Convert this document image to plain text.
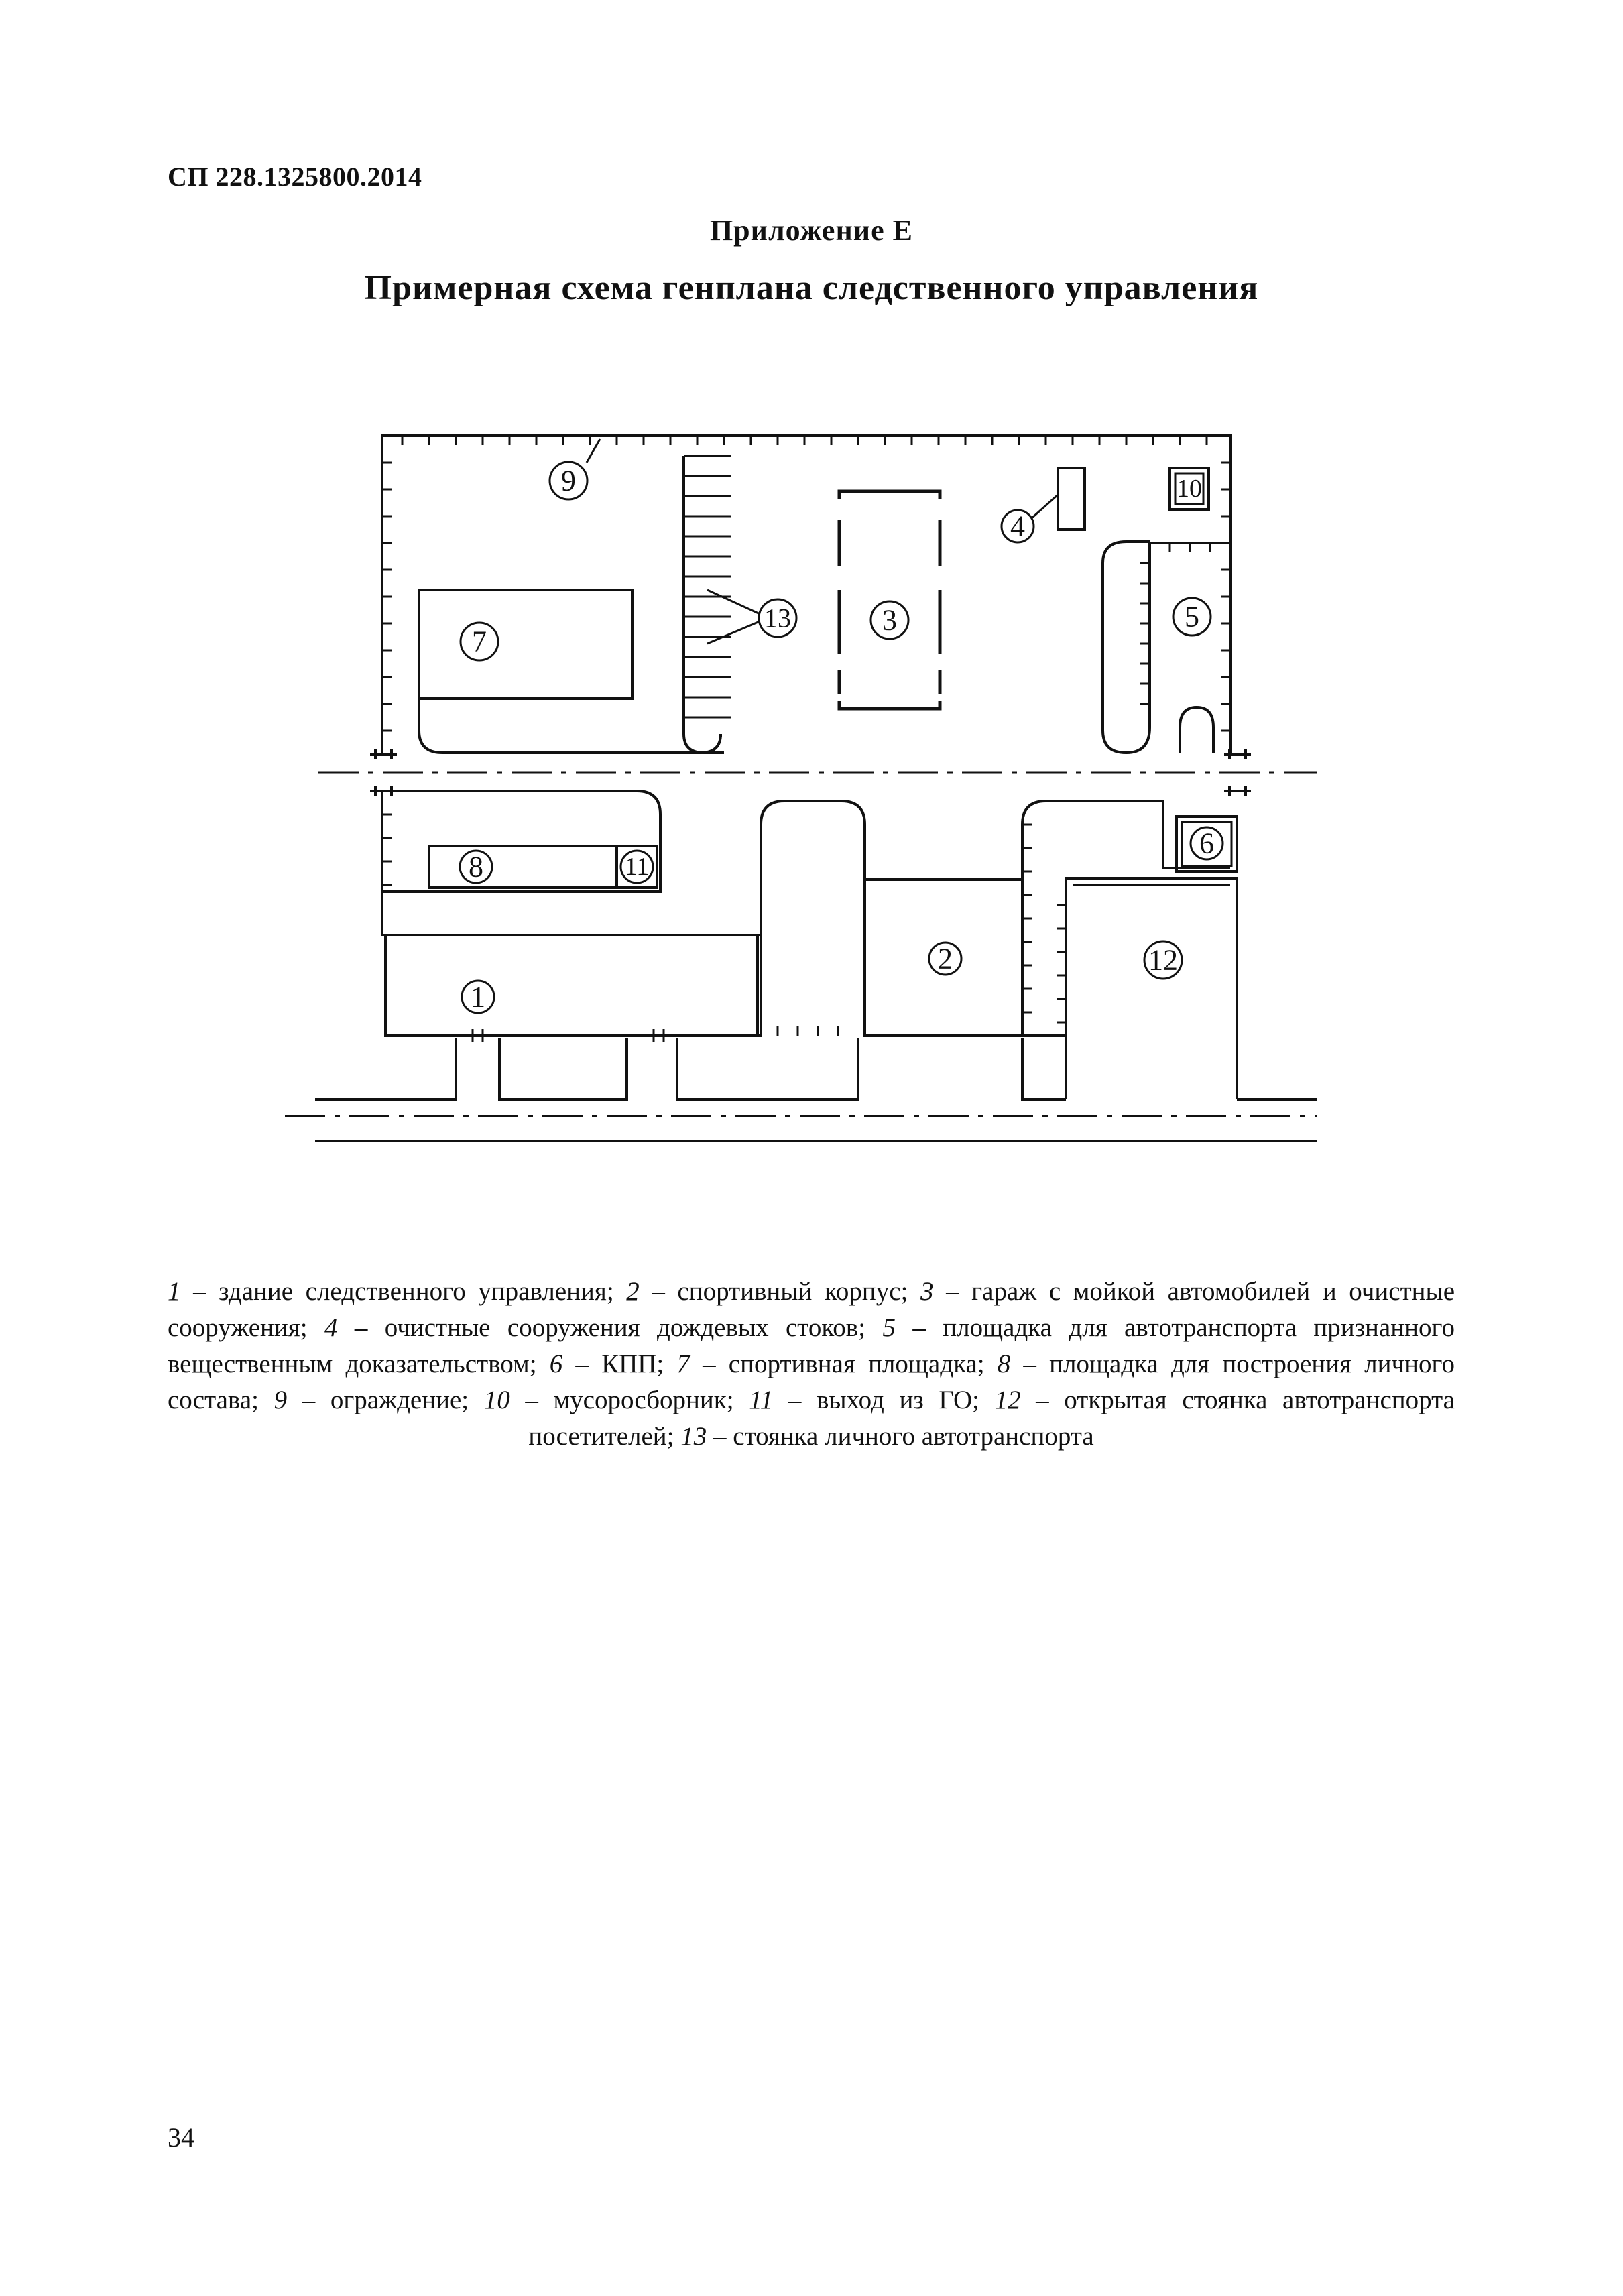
СП 228.1325800.2014
Приложение Е
Примерная схема генплана следственного управления
1
2
3
4
5
6
7
8
9	10
11
12
13
1 – здание следственного управления; 2 – спортивный корпус; 3 – гараж с мойкой автомобилей и очистные сооружения; 4 – очистные сооружения дождевых стоков; 5 – площадка для автотранспорта признанного вещественным доказательством; 6 – КПП; 7 – спортивная площадка; 8 – площадка для построения личного состава; 9 – ограждение; 10 – мусоросборник; 11 – выход из ГО; 12 – открытая стоянка автотранспорта посетителей; 13 – стоянка личного автотранспорта
34
